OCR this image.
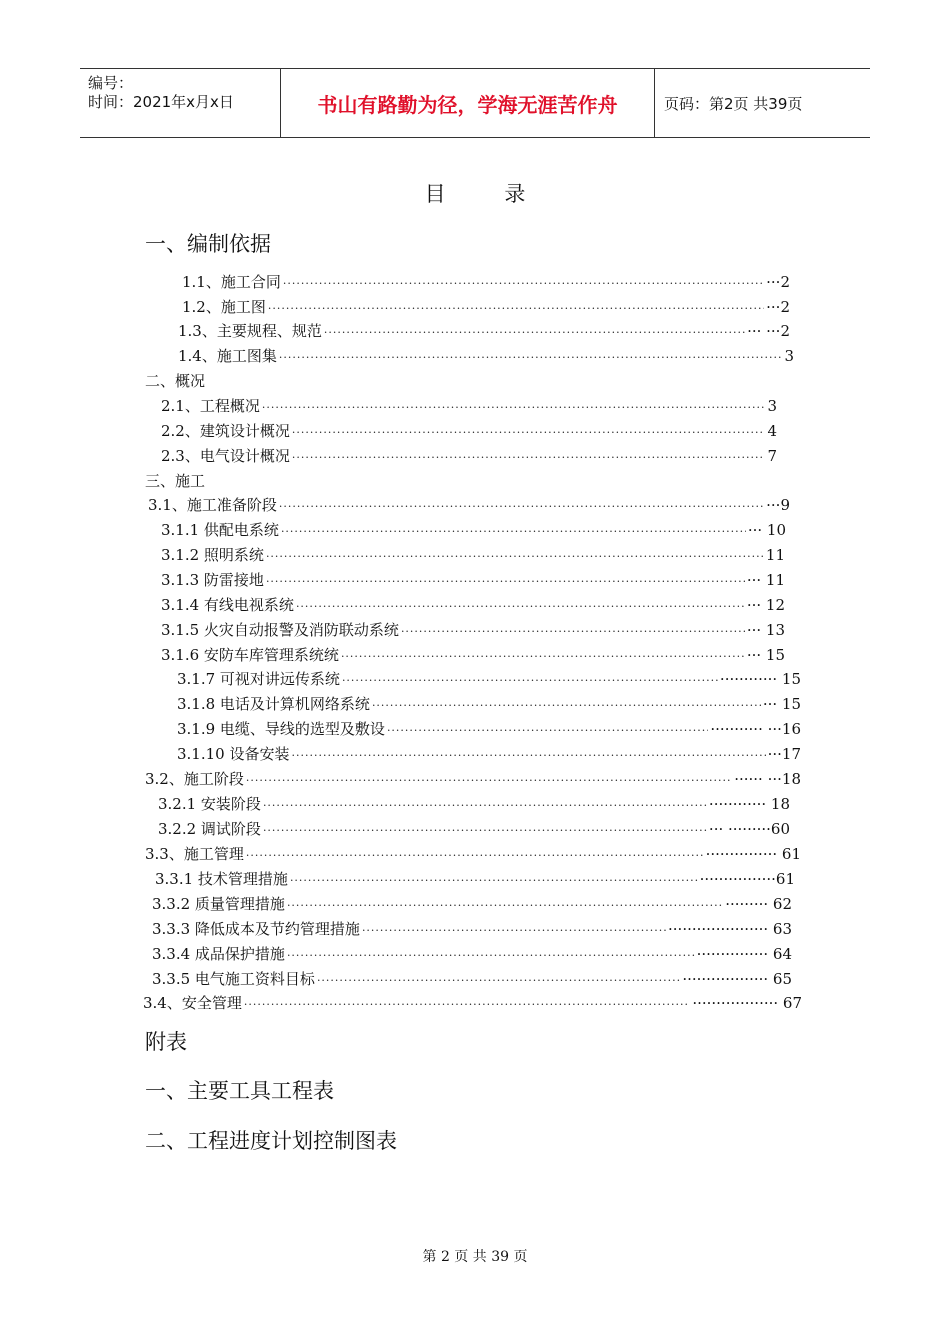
编号：
时间：2021年x月x日	书山有路勤为径，学海无涯苦作舟	页码：第2页 共39页
目 录
一、编制依据
1.1、施工合同 ·····	···2
1.2、施工图 ·····	···2
1.3、主要规程、规范 ·····	··· ···2
1.4、施工图集 ·····	3
二、概况
2.1、工程概况 ·····	3
2.2、建筑设计概况 ·····	4
2.3、电气设计概况 ·····	7
三、施工
3.1、施工准备阶段 ·····	···9
3.1.1 供配电系统 ·····	··· 10
3.1.2 照明系统 ·····	11
3.1.3 防雷接地 ·····	··· 11
3.1.4 有线电视系统 ·····	··· 12
3.1.5 火灾自动报警及消防联动系统 ·····	··· 13
3.1.6 安防车库管理系统统 ·····	··· 15
3.1.7 可视对讲远传系统 ·····	············ 15
3.1.8 电话及计算机网络系统 ·····	··· 15
3.1.9 电缆、导线的选型及敷设 ·····	··········· ···16
3.1.10 设备安装 ·····	···17
3.2、施工阶段 ·····	······ ···18
3.2.1 安装阶段 ·····	············ 18
3.2.2 调试阶段 ·····	··· ·········60
3.3、施工管理 ·····	··············· 61
3.3.1 技术管理措施 ·····	················61
3.3.2 质量管理措施 ·····	········· 62
3.3.3 降低成本及节约管理措施 ·····	····················· 63
3.3.4 成品保护措施 ·····	··············· 64
3.3.5 电气施工资料目标 ·····	·················· 65
3.4、安全管理 ·····	·················· 67
附表
一、主要工具工程表
二、工程进度计划控制图表
第 2 页 共 39 页
